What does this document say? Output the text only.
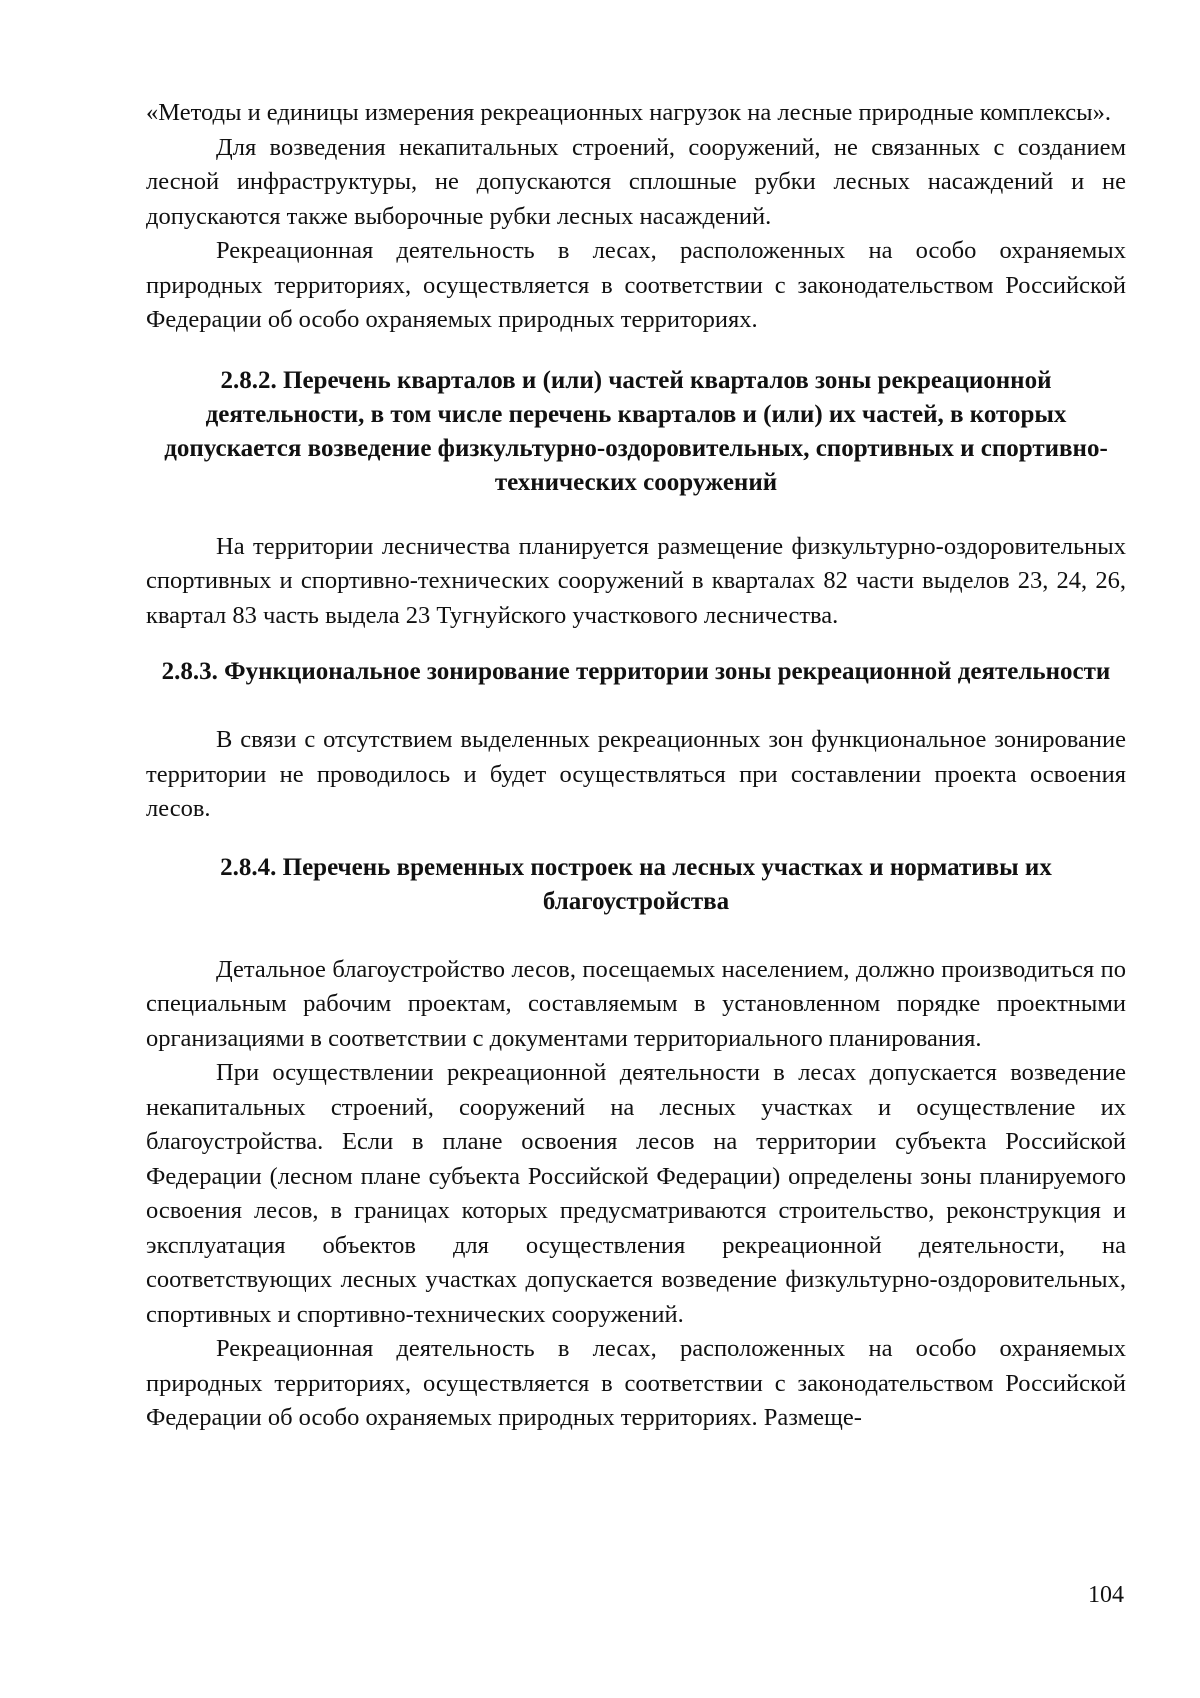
«Методы и единицы измерения рекреационных нагрузок на лесные природные комплексы».

Для возведения некапитальных строений, сооружений, не связанных с созданием лесной инфраструктуры, не допускаются сплошные рубки лесных насаждений и не допускаются также выборочные рубки лесных насаждений.

Рекреационная деятельность в лесах, расположенных на особо охраняемых природных территориях, осуществляется в соответствии с законодательством Российской Федерации об особо охраняемых природных территориях.

2.8.2. Перечень кварталов и (или) частей кварталов зоны рекреационной деятельности, в том числе перечень кварталов и (или) их частей, в которых допускается возведение физкультурно-оздоровительных, спортивных и спортивно-технических сооружений

На территории лесничества планируется размещение физкультурно-оздоровительных спортивных и спортивно-технических сооружений в кварталах 82 части выделов 23, 24, 26, квартал 83 часть выдела 23 Тугнуйского участкового лесничества.

2.8.3. Функциональное зонирование территории зоны рекреационной деятельности

В связи с отсутствием выделенных рекреационных зон функциональное зонирование территории не проводилось и будет осуществляться при составлении проекта освоения лесов.

2.8.4. Перечень временных построек на лесных участках и нормативы их благоустройства

Детальное благоустройство лесов, посещаемых населением, должно производиться по специальным рабочим проектам, составляемым в установленном порядке проектными организациями в соответствии с документами территориального планирования.

При осуществлении рекреационной деятельности в лесах допускается возведение некапитальных строений, сооружений на лесных участках и осуществление их благоустройства. Если в плане освоения лесов на территории субъекта Российской Федерации (лесном плане субъекта Российской Федерации) определены зоны планируемого освоения лесов, в границах которых предусматриваются строительство, реконструкция и эксплуатация объектов для осуществления рекреационной деятельности, на соответствующих лесных участках допускается возведение физкультурно-оздоровительных, спортивных и спортивно-технических сооружений.

Рекреационная деятельность в лесах, расположенных на особо охраняемых природных территориях, осуществляется в соответствии с законодательством Российской Федерации об особо охраняемых природных территориях. Размеще-

104
